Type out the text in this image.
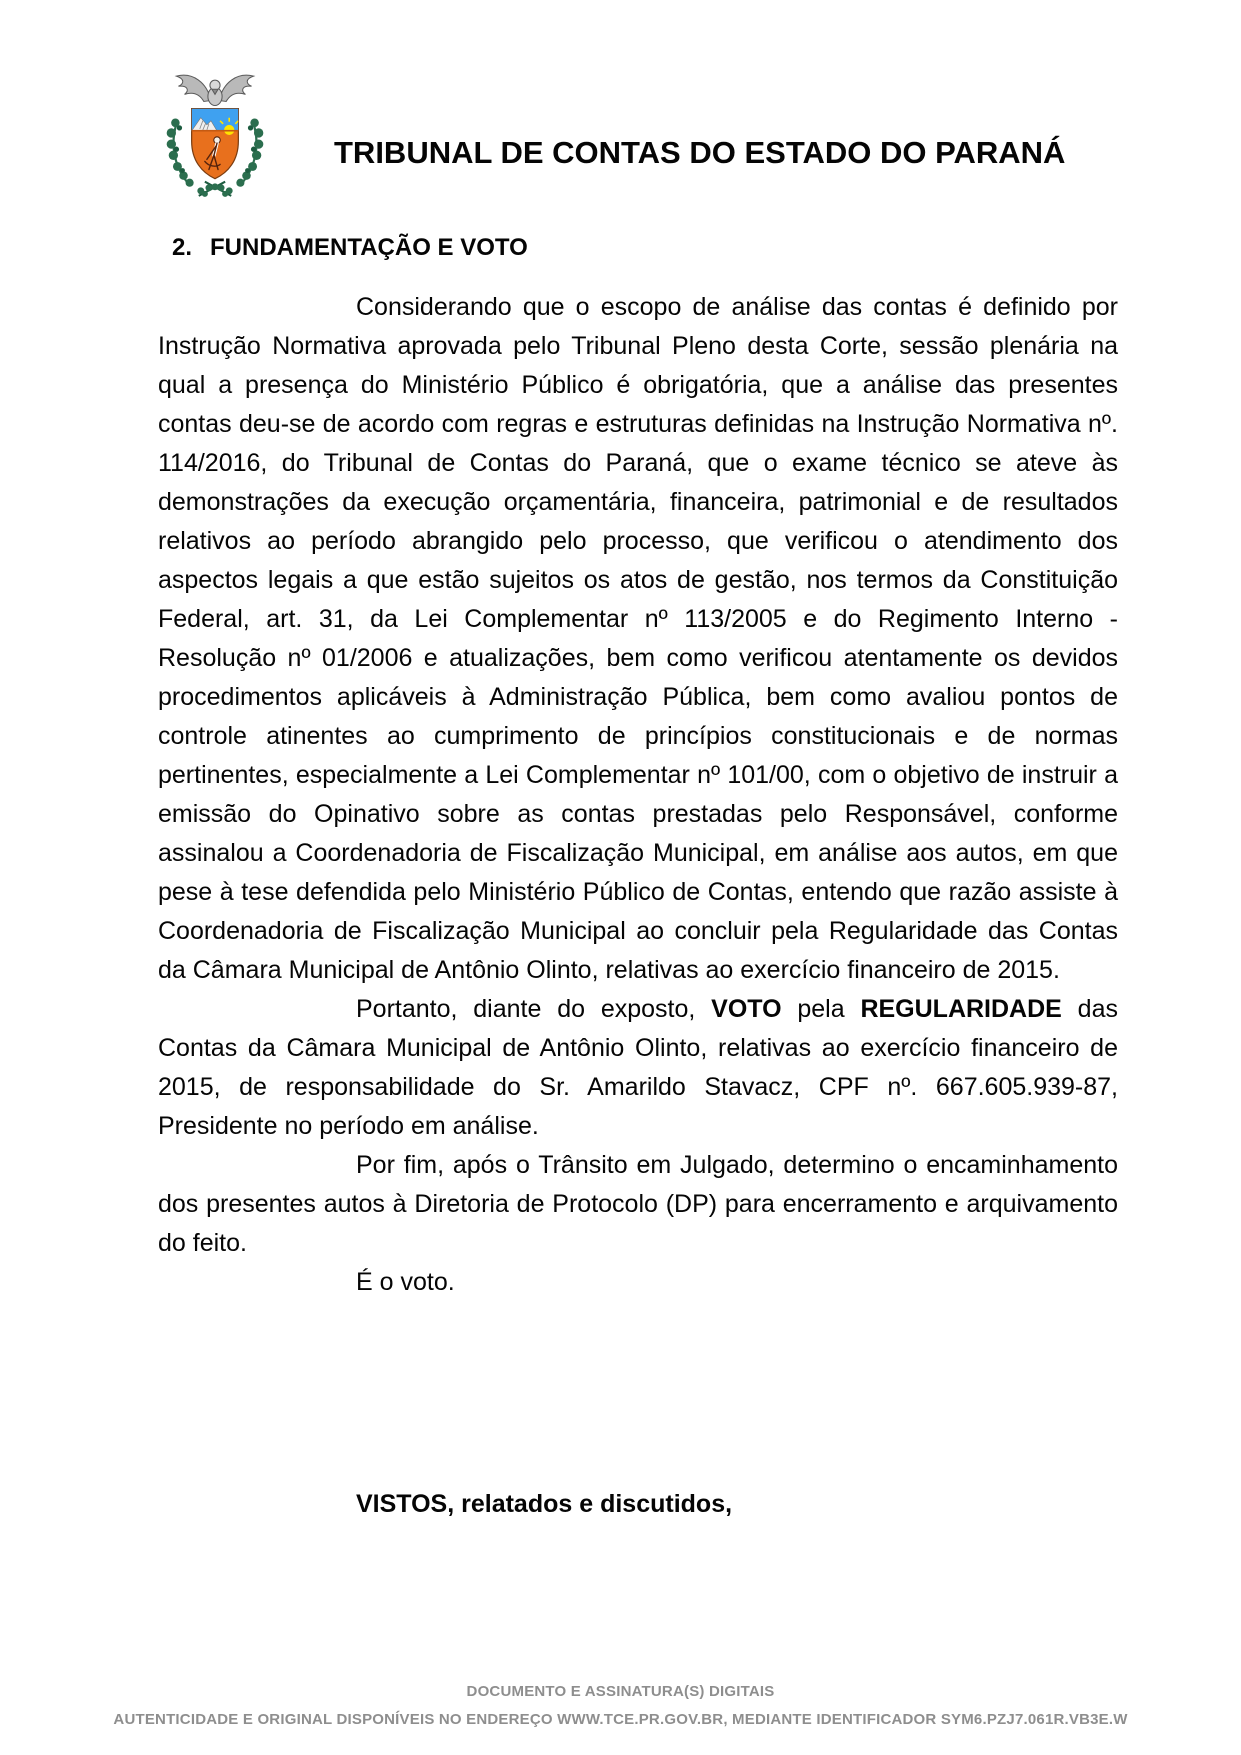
TRIBUNAL DE CONTAS DO ESTADO DO PARANÁ
2. FUNDAMENTAÇÃO E VOTO

Considerando que o escopo de análise das contas é definido por Instrução Normativa aprovada pelo Tribunal Pleno desta Corte, sessão plenária na qual a presença do Ministério Público é obrigatória, que a análise das presentes contas deu-se de acordo com regras e estruturas definidas na Instrução Normativa nº. 114/2016, do Tribunal de Contas do Paraná, que o exame técnico se ateve às demonstrações da execução orçamentária, financeira, patrimonial e de resultados relativos ao período abrangido pelo processo, que verificou o atendimento dos aspectos legais a que estão sujeitos os atos de gestão, nos termos da Constituição Federal, art. 31, da Lei Complementar nº 113/2005 e do Regimento Interno - Resolução nº 01/2006 e atualizações, bem como verificou atentamente os devidos procedimentos aplicáveis à Administração Pública, bem como avaliou pontos de controle atinentes ao cumprimento de princípios constitucionais e de normas pertinentes, especialmente a Lei Complementar nº 101/00, com o objetivo de instruir a emissão do Opinativo sobre as contas prestadas pelo Responsável, conforme assinalou a Coordenadoria de Fiscalização Municipal, em análise aos autos, em que pese à tese defendida pelo Ministério Público de Contas, entendo que razão assiste à Coordenadoria de Fiscalização Municipal ao concluir pela Regularidade das Contas da Câmara Municipal de Antônio Olinto, relativas ao exercício financeiro de 2015.

Portanto, diante do exposto, VOTO pela REGULARIDADE das Contas da Câmara Municipal de Antônio Olinto, relativas ao exercício financeiro de 2015, de responsabilidade do Sr. Amarildo Stavacz, CPF nº. 667.605.939-87, Presidente no período em análise.

Por fim, após o Trânsito em Julgado, determino o encaminhamento dos presentes autos à Diretoria de Protocolo (DP) para encerramento e arquivamento do feito.

É o voto.

VISTOS, relatados e discutidos,

DOCUMENTO E ASSINATURA(S) DIGITAIS
AUTENTICIDADE E ORIGINAL DISPONÍVEIS NO ENDEREÇO WWW.TCE.PR.GOV.BR, MEDIANTE IDENTIFICADOR SYM6.PZJ7.061R.VB3E.W
